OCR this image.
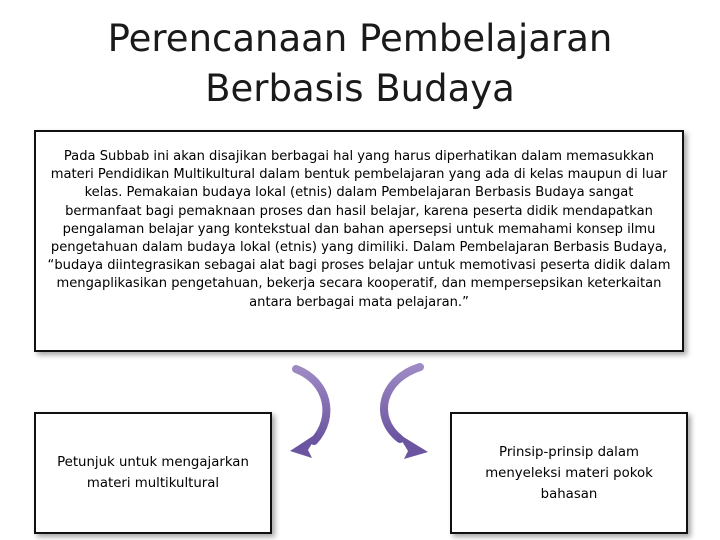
Perencanaan Pembelajaran
Berbasis Budaya
Pada Subbab ini akan disajikan berbagai hal yang harus diperhatikan dalam memasukkan materi Pendidikan Multikultural dalam bentuk pembelajaran yang ada di kelas maupun di luar kelas. Pemakaian budaya lokal (etnis) dalam Pembelajaran Berbasis Budaya sangat bermanfaat bagi pemaknaan proses dan hasil belajar, karena peserta didik mendapatkan pengalaman belajar yang kontekstual dan bahan apersepsi untuk memahami konsep ilmu pengetahuan dalam budaya lokal (etnis) yang dimiliki. Dalam Pembelajaran Berbasis Budaya, “budaya diintegrasikan sebagai alat bagi proses belajar untuk memotivasi peserta didik dalam mengaplikasikan pengetahuan, bekerja secara kooperatif, dan mempersepsikan keterkaitan antara berbagai mata pelajaran.”
Petunjuk untuk mengajarkan materi multikultural
Prinsip-prinsip dalam menyeleksi materi pokok bahasan
